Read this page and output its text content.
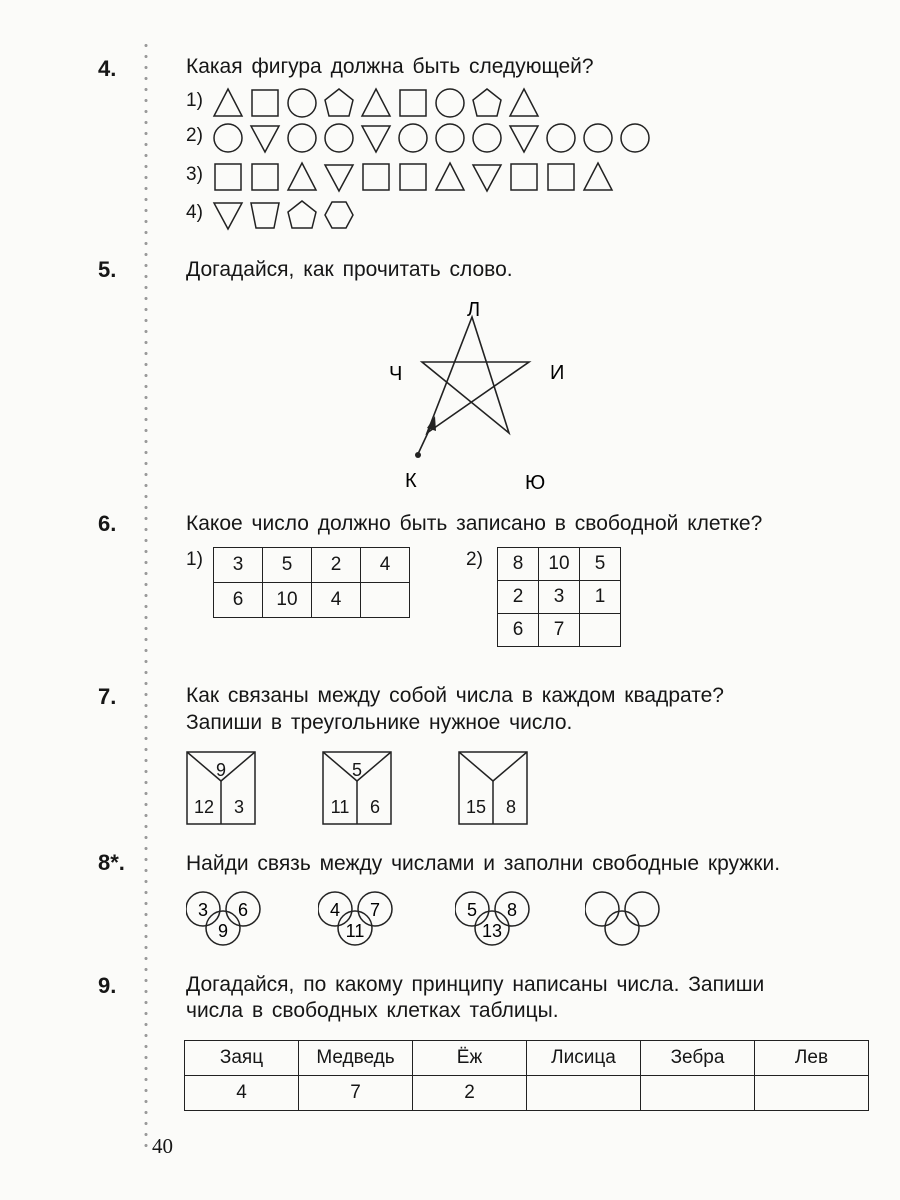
4.	Какая фигура должна быть следующей?
1)
2)
3)
4)
5.	Догадайся, как прочитать слово.
Л
Ч	И
К	Ю
6.	Какое число должно быть записано в свободной клетке?
1) 3	5	2	4
6	10	4	
2) 8	10	5
2	3	1
6	7	
7.	Как связаны между собой числа в каждом квадрате?
Запиши в треугольнике нужное число.
9
12 3
5
11 6	15 8
8*.	Найди связь между числами и заполни свободные кружки.
3 6
9
4 7
11
5 8
13
9.	Догадайся, по какому принципу написаны числа. Запиши
числа в свободных клетках таблицы.
Заяц	Медведь	Ёж	Лисица	Зебра	Лев
4	7	2			
40
